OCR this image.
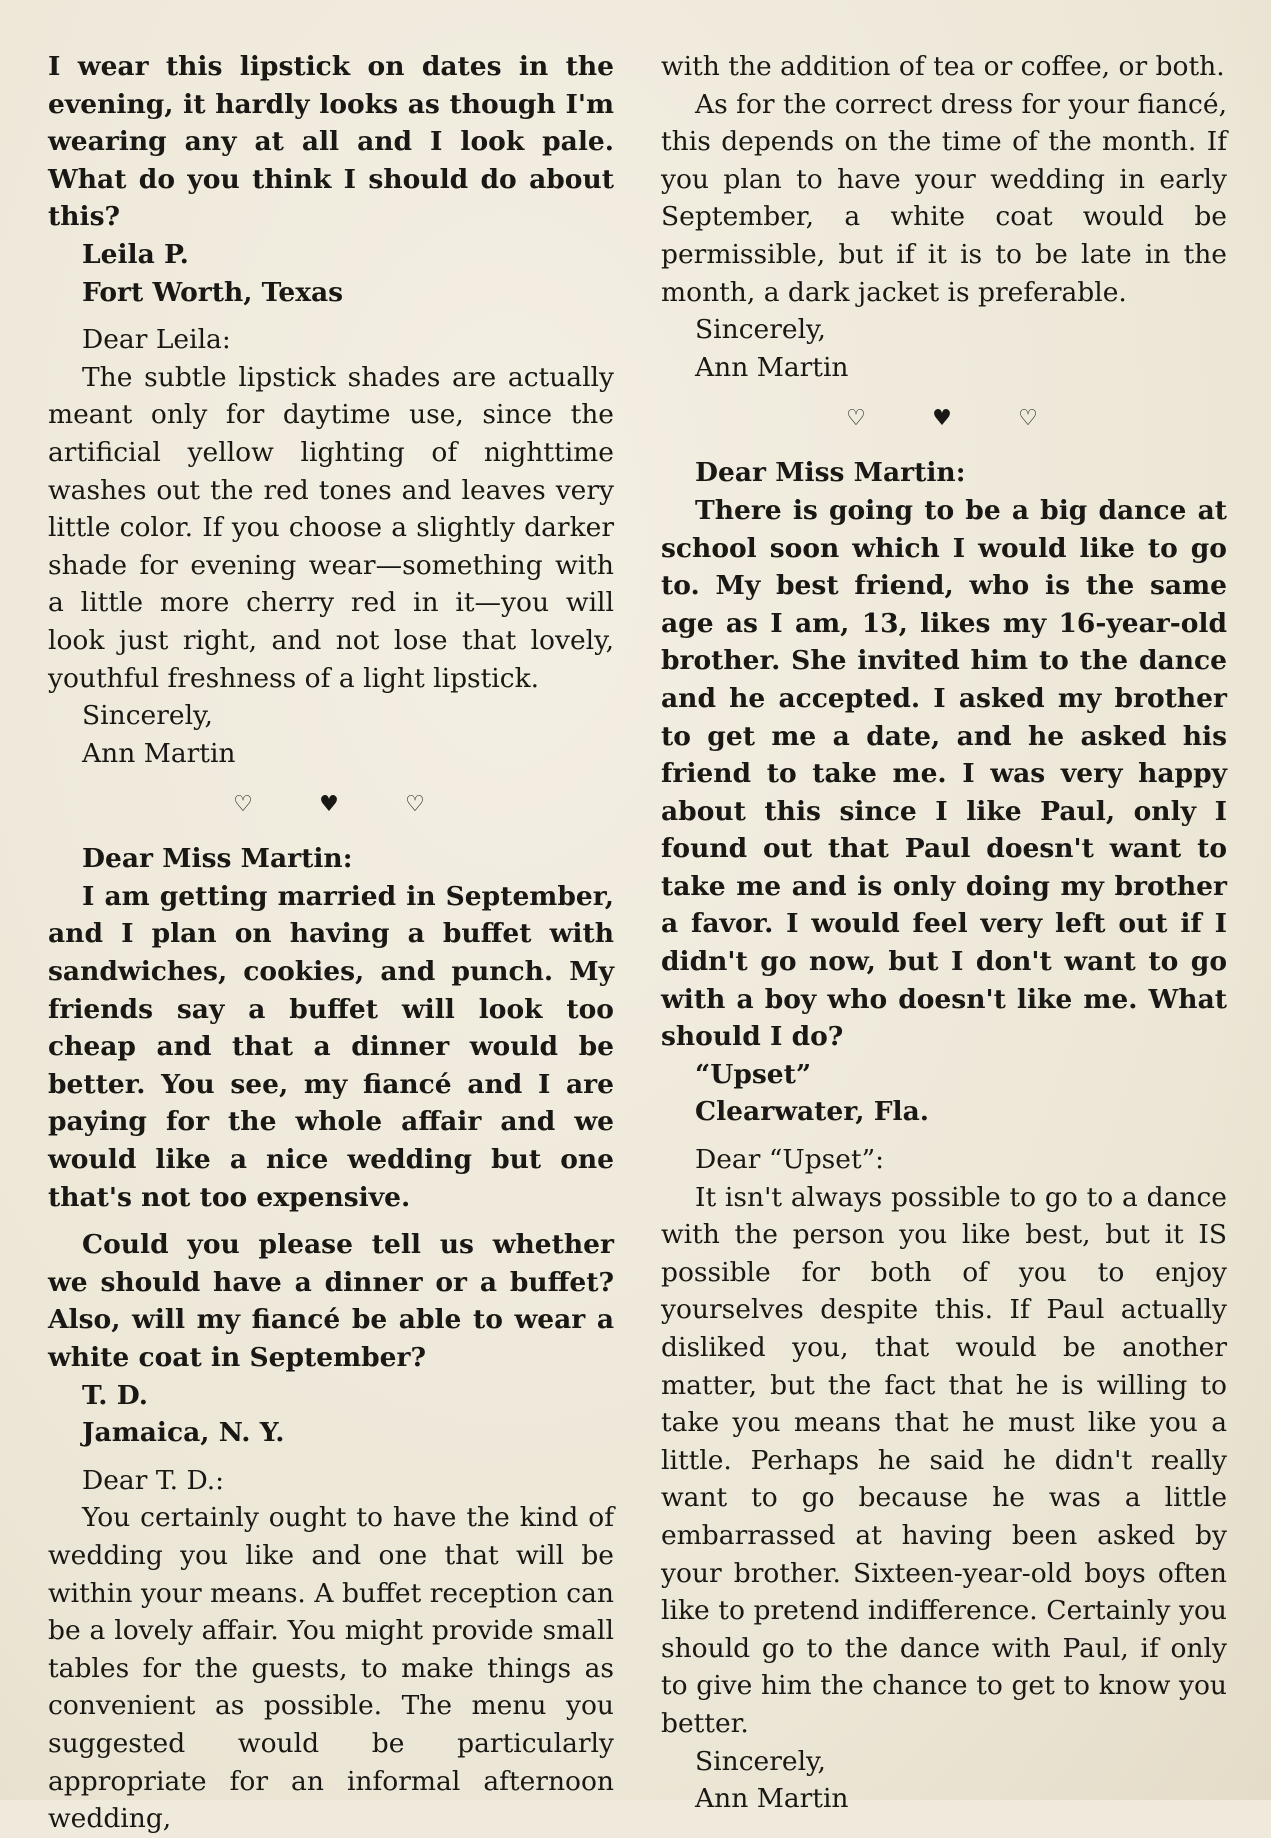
I wear this lipstick on dates in the evening, it hardly looks as though I'm wearing any at all and I look pale. What do you think I should do about this?

Leila P.

Fort Worth, Texas

Dear Leila:

The subtle lipstick shades are actually meant only for daytime use, since the artificial yellow lighting of nighttime washes out the red tones and leaves very little color. If you choose a slightly darker shade for evening wear—something with a little more cherry red in it—you will look just right, and not lose that lovely, youthful freshness of a light lipstick.

Sincerely,

Ann Martin

♡	♥	♡

Dear Miss Martin:

I am getting married in September, and I plan on having a buffet with sandwiches, cookies, and punch. My friends say a buffet will look too cheap and that a dinner would be better. You see, my fiancé and I are paying for the whole affair and we would like a nice wedding but one that's not too expensive.

Could you please tell us whether we should have a dinner or a buffet? Also, will my fiancé be able to wear a white coat in September?

T. D.

Jamaica, N. Y.

Dear T. D.:

You certainly ought to have the kind of wedding you like and one that will be within your means. A buffet reception can be a lovely affair. You might provide small tables for the guests, to make things as convenient as possible. The menu you suggested would be particularly appropriate for an informal afternoon wedding,

with the addition of tea or coffee, or both.

As for the correct dress for your fiancé, this depends on the time of the month. If you plan to have your wedding in early September, a white coat would be permissible, but if it is to be late in the month, a dark jacket is preferable.

Sincerely,

Ann Martin

♡	♥	♡

Dear Miss Martin:

There is going to be a big dance at school soon which I would like to go to. My best friend, who is the same age as I am, 13, likes my 16-year-old brother. She invited him to the dance and he accepted. I asked my brother to get me a date, and he asked his friend to take me. I was very happy about this since I like Paul, only I found out that Paul doesn't want to take me and is only doing my brother a favor. I would feel very left out if I didn't go now, but I don't want to go with a boy who doesn't like me. What should I do?

“Upset”

Clearwater, Fla.

Dear “Upset”:

It isn't always possible to go to a dance with the person you like best, but it IS possible for both of you to enjoy yourselves despite this. If Paul actually disliked you, that would be another matter, but the fact that he is willing to take you means that he must like you a little. Perhaps he said he didn't really want to go because he was a little embarrassed at having been asked by your brother. Sixteen-year-old boys often like to pretend indifference. Certainly you should go to the dance with Paul, if only to give him the chance to get to know you better.

Sincerely,

Ann Martin
